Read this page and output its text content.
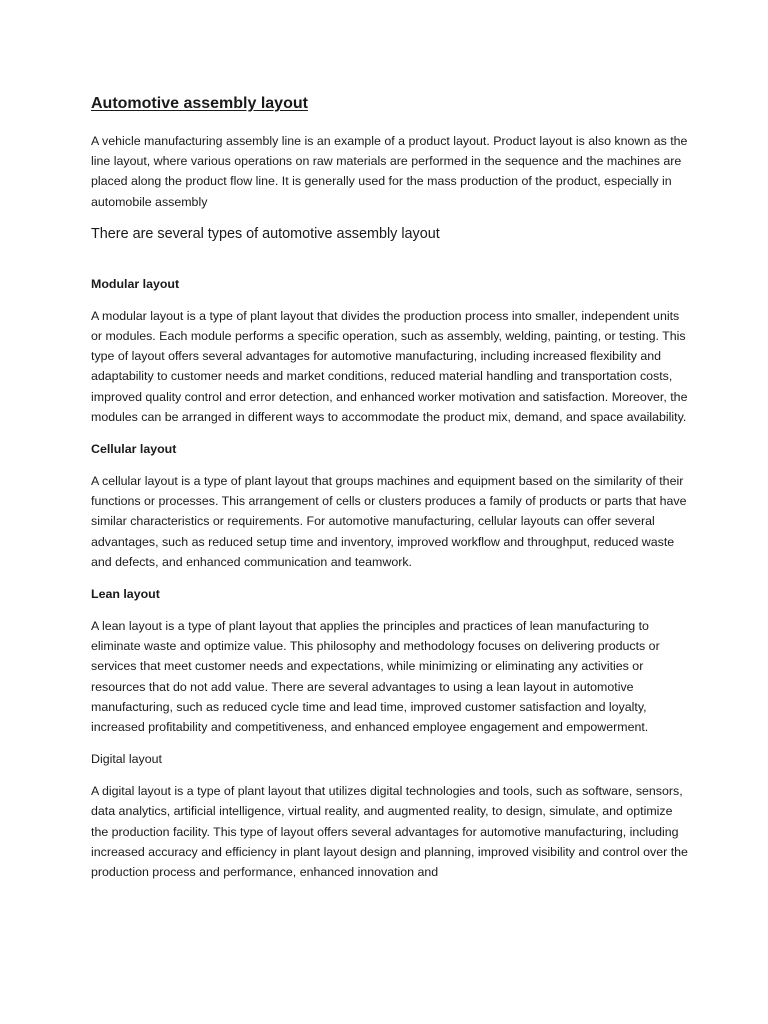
Automotive assembly layout

A vehicle manufacturing assembly line is an example of a product layout. Product layout is also known as the line layout, where various operations on raw materials are performed in the sequence and the machines are placed along the product flow line. It is generally used for the mass production of the product, especially in automobile assembly

There are several types of automotive assembly layout

Modular layout

A modular layout is a type of plant layout that divides the production process into smaller, independent units or modules. Each module performs a specific operation, such as assembly, welding, painting, or testing. This type of layout offers several advantages for automotive manufacturing, including increased flexibility and adaptability to customer needs and market conditions, reduced material handling and transportation costs, improved quality control and error detection, and enhanced worker motivation and satisfaction. Moreover, the modules can be arranged in different ways to accommodate the product mix, demand, and space availability.

Cellular layout

A cellular layout is a type of plant layout that groups machines and equipment based on the similarity of their functions or processes. This arrangement of cells or clusters produces a family of products or parts that have similar characteristics or requirements. For automotive manufacturing, cellular layouts can offer several advantages, such as reduced setup time and inventory, improved workflow and throughput, reduced waste and defects, and enhanced communication and teamwork.

Lean layout

A lean layout is a type of plant layout that applies the principles and practices of lean manufacturing to eliminate waste and optimize value. This philosophy and methodology focuses on delivering products or services that meet customer needs and expectations, while minimizing or eliminating any activities or resources that do not add value. There are several advantages to using a lean layout in automotive manufacturing, such as reduced cycle time and lead time, improved customer satisfaction and loyalty, increased profitability and competitiveness, and enhanced employee engagement and empowerment.

Digital layout

A digital layout is a type of plant layout that utilizes digital technologies and tools, such as software, sensors, data analytics, artificial intelligence, virtual reality, and augmented reality, to design, simulate, and optimize the production facility. This type of layout offers several advantages for automotive manufacturing, including increased accuracy and efficiency in plant layout design and planning, improved visibility and control over the production process and performance, enhanced innovation and
